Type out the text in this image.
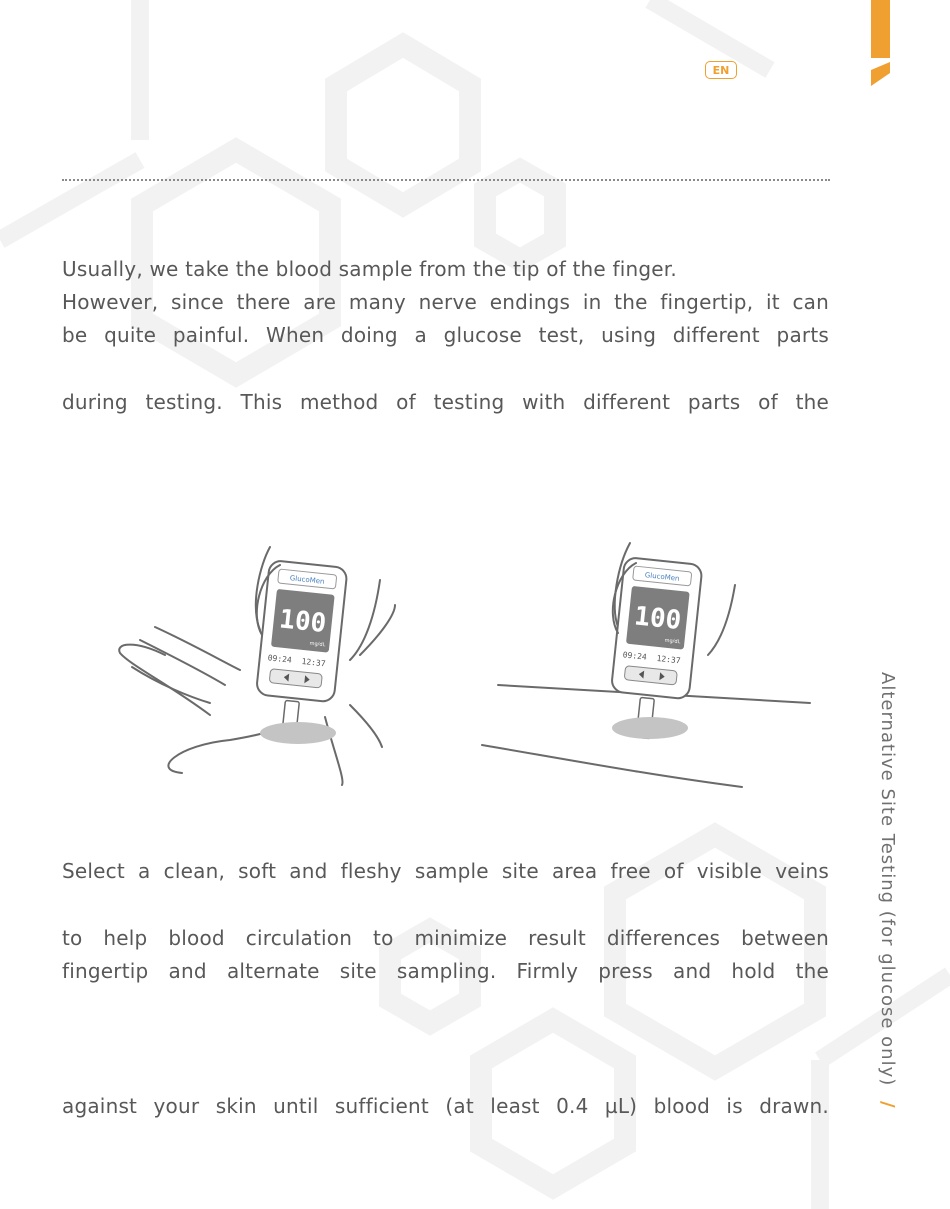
EN
Usually, we take the blood sample from the tip of the finger.
However, since there are many nerve endings in the fingertip, it can
be quite painful. When doing a glucose test, using different parts
during testing. This method of testing with different parts of the
GlucoMen
100
mg/dL
09:24 12:37
GlucoMen
100
mg/dL
09:24 12:37
Select a clean, soft and fleshy sample site area free of visible veins
to help blood circulation to minimize result differences between
fingertip and alternate site sampling. Firmly press and hold the
against your skin until sufficient (at least 0.4 µL) blood is drawn.
Alternative Site Testing (for glucose only) /
